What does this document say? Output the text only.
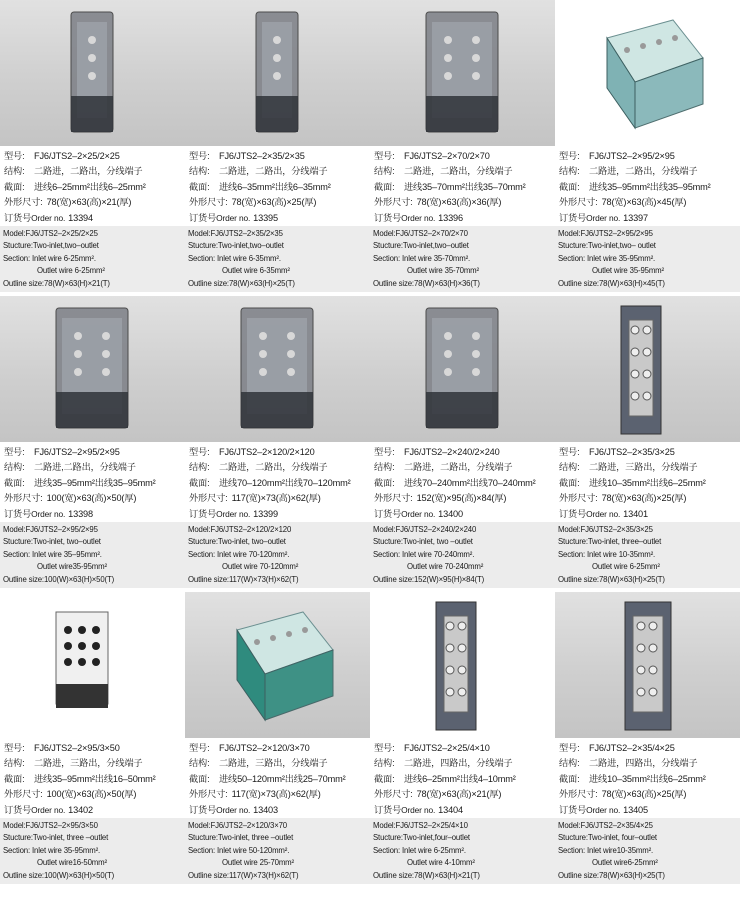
型号: FJ6/JTS2–2×25/2×25
结构: 二路进，二路出，分线端子
截面: 进线6–25mm²出线6–25mm²
外形尺寸: 78(宽)×63(高)×21(厚)
订货号Order no. 13394
Model:FJ6/JTS2–2×25/2×25
Stucture:Two-inlet,two–outlet
Section: Inlet wire 6-25mm².
Outlet wire 6-25mm²
Outline size:78(W)×63(H)×21(T)
型号: FJ6/JTS2–2×35/2×35
结构: 二路进，二路出，分线端子
截面: 进线6–35mm²出线6–35mm²
外形尺寸: 78(宽)×63(高)×25(厚)
订货号Order no. 13395
Model:FJ6/JTS2–2×35/2×35
Stucture:Two-inlet,two–outlet
Section: Inlet wire 6-35mm².
Outlet wire 6-35mm²
Outline size:78(W)×63(H)×25(T)
型号: FJ6/JTS2–2×70/2×70
结构: 二路进，二路出，分线端子
截面: 进线35–70mm²出线35–70mm²
外形尺寸: 78(宽)×63(高)×36(厚)
订货号Order no. 13396
Model:FJ6/JTS2–2×70/2×70
Stucture:Two-inlet,two–outlet
Section: Inlet wire 35-70mm².
Outlet wire 35-70mm²
Outline size:78(W)×63(H)×36(T)
型号: FJ6/JTS2–2×95/2×95
结构: 二路进，二路出，分线端子
截面: 进线35–95mm²出线35–95mm²
外形尺寸: 78(宽)×63(高)×45(厚)
订货号Order no. 13397
Model:FJ6/JTS2–2×95/2×95
Stucture:Two-inlet,two– outlet
Section: Inlet wire 35-95mm².
Outlet wire 35-95mm²
Outline size:78(W)×63(H)×45(T)
型号: FJ6/JTS2–2×95/2×95
结构: 二路进,二路出，分线端子
截面: 进线35–95mm²出线35–95mm²
外形尺寸: 100(宽)×63(高)×50(厚)
订货号Order no. 13398
Model:FJ6/JTS2–2×95/2×95
Stucture:Two-inlet, two–outlet
Section: Inlet wire 35–95mm².
Outlet wire35-95mm²
Outline size:100(W)×63(H)×50(T)
型号: FJ6/JTS2–2×120/2×120
结构: 二路进，二路出，分线端子
截面: 进线70–120mm²出线70–120mm²
外形尺寸: 117(宽)×73(高)×62(厚)
订货号Order no. 13399
Model:FJ6/JTS2–2×120/2×120
Stucture:Two-inlet, two–outlet
Section: Inlet wire 70-120mm².
Outlet wire 70-120mm²
Outline size:117(W)×73(H)×62(T)
型号: FJ6/JTS2–2×240/2×240
结构: 二路进，二路出，分线端子
截面: 进线70–240mm²出线70–240mm²
外形尺寸: 152(宽)×95(高)×84(厚)
订货号Order no. 13400
Model:FJ6/JTS2–2×240/2×240
Stucture:Two-inlet, two –outlet
Section: Inlet wire 70-240mm².
Outlet wire 70-240mm²
Outline size:152(W)×95(H)×84(T)
型号: FJ6/JTS2–2×35/3×25
结构: 二路进，三路出，分线端子
截面: 进线10–35mm²出线6–25mm²
外形尺寸: 78(宽)×63(高)×25(厚)
订货号Order no. 13401
Model:FJ6/JTS2–2×35/3×25
Stucture:Two-inlet, three–outlet
Section: Inlet wire 10-35mm².
Outlet wire 6-25mm²
Outline size:78(W)×63(H)×25(T)
型号: FJ6/JTS2–2×95/3×50
结构: 二路进，三路出，分线端子
截面: 进线35–95mm²出线16–50mm²
外形尺寸: 100(宽)×63(高)×50(厚)
订货号Order no. 13402
Model:FJ6/JTS2–2×95/3×50
Stucture:Two-inlet, three –outlet
Section: Inlet wire 35-95mm².
Outlet wire16-50mm²
Outline size:100(W)×63(H)×50(T)
型号: FJ6/JTS2–2×120/3×70
结构: 二路进，三路出，分线端子
截面: 进线50–120mm²出线25–70mm²
外形尺寸: 117(宽)×73(高)×62(厚)
订货号Order no. 13403
Model:FJ6/JTS2–2×120/3×70
Stucture:Two-inlet, three –outlet
Section: Inlet wire 50-120mm².
Outlet wire 25-70mm²
Outline size:117(W)×73(H)×62(T)
型号: FJ6/JTS2–2×25/4×10
结构: 二路进，四路出，分线端子
截面: 进线6–25mm²出线4–10mm²
外形尺寸: 78(宽)×63(高)×21(厚)
订货号Order no. 13404
Model:FJ6/JTS2–2×25/4×10
Stucture:Two-inlet,four–outlet
Section: Inlet wire 6-25mm².
Outlet wire 4-10mm²
Outline size:78(W)×63(H)×21(T)
型号: FJ6/JTS2–2×35/4×25
结构: 二路进，四路出，分线端子
截面: 进线10–35mm²出线6–25mm²
外形尺寸: 78(宽)×63(高)×25(厚)
订货号Order no. 13405
Model:FJ6/JTS2–2×35/4×25
Stucture:Two-inlet, four–outlet
Section: Inlet wire10-35mm².
Outlet wire6-25mm²
Outline size:78(W)×63(H)×25(T)
